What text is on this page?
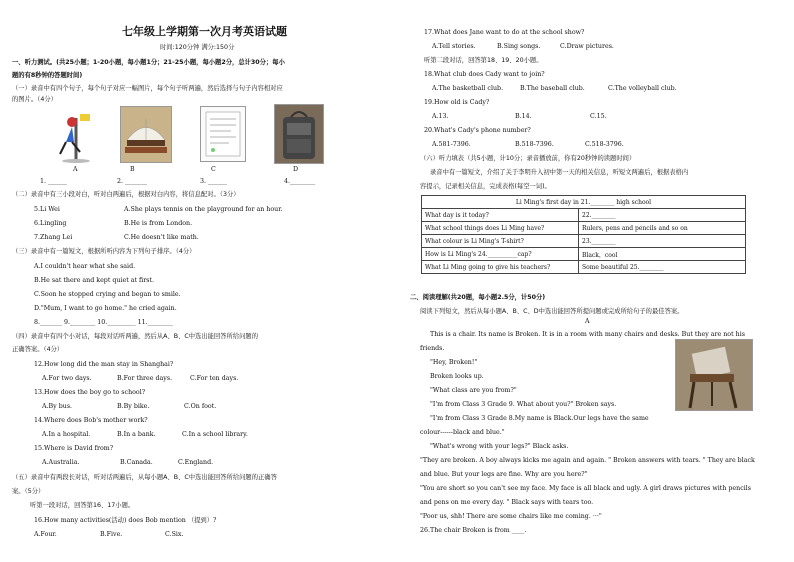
七年级上学期第一次月考英语试题
时间:120分钟 满分:150分
一、听力测试。(共25小题；1-20小题，每小题1分；21-25小题，每小题2分，总计30分；每小
题的有8秒钟的答题时间)
（一）录音中有四个句子，每个句子对应一幅图片，每个句子听两遍，然后选择与句子内容相对应
的图片。（4分）
A	B	C	D
1. ______	2. _______	3. ______	4.________
（二）录音中有三小段对白，听对白两遍后，根据对白内容，将信息配对。（3分）
5.Li Wei	A.She plays tennis on the playground for an hour.
6.Lingling	B.He is from London.
7.Zhang Lei	C.He doesn't like math.
（三）录音中有一篇短文，根据所听内容为下列句子排序。（4分）
A.I couldn't hear what she said.
B.He sat there and kept quiet at first.
C.Soon he stopped crying and began to smile.
D."Mum, I want to go home." he cried again.
8._______ 9.________ 10._________ 11.________
（四）录音中有四个小对话，每段对话听两遍，然后从A、B、C中选出能回答所给问题的
正确答案。（4分）
12.How long did the man stay in Shanghai?
A.For two days.	B.For three days.	C.For ten days.
13.How does the boy go to school?
A.By bus.	B.By bike.	C.On foot.
14.Where does Bob's mother work?
A.In a hospital.	B.In a bank.	C.In a school library.
15.Where is David from?
A.Australia.	B.Canada.	C.England.
（五）录音中有两段长对话，听对话两遍后，从每小题A、B、C中选出能回答所给问题的正确答
案。（5分）
听第一段对话，回答第16、17小题。
16.How many activities(活动) does Bob mention （提到）?
A.Four.	B.Five.	C.Six.
17.What does Jane want to do at the school show?
A.Tell stories.	B.Sing songs.	C.Draw pictures.
听第二段对话，回答第18、19、20小题。
18.What club does Cady want to join?
A.The basketball club.	B.The baseball club.	C.The volleyball club.
19.How old is Cady?
A.13.	B.14.	C.15.
20.What's Cady's phone number?
A.581-7396.	B.518-7396.	C.518-3796.
（六）听力填表（共5小题，计10分；录音播放前，你有20秒钟的读题时间）
录音中有一篇短文，介绍了关于李明升入初中第一天的相关信息，听短文两遍后，根据表格内
容提示，记录相关信息，完成表格(每空一词)。
Li Ming's first day in 21.________ high school	
What day is it today?	22.________
What school things does Li Ming have?	Rulers, pens and pencils and so on
What colour is Li Ming's T-shirt?	23.________
How is Li Ming's 24.__________cap?	Black，cool
What Li Ming going to give his teachers?	Some beautiful 25.________
二、阅读理解(共20题，每小题2.5分，计50分)
阅读下列短文，然后从每小题A、B、C、D中选出能回答所提问题或完成所给句子的最佳答案。
A
This is a chair. Its name is Broken. It is in a room with many chairs and desks. But they are not his
friends.
"Hey, Broken!"
Broken looks up.
"What class are you from?"
"I'm from Class 3 Grade 9. What about you?" Broken says.
"I'm from Class 3 Grade 8.My name is Black.Our legs have the same
colour------black and blue."
"What's wrong with your legs?" Black asks.
"They are broken. A boy always kicks me again and again. " Broken answers with tears. " They are black
and blue. But your legs are fine. Why are you here?"
"You are short so you can't see my face. My face is all black and ugly. A girl draws pictures with pencils
and pens on me every day. " Black says with tears too.
"Poor us, shh! There are some chairs like me coming. ···"
26.The chair Broken is from ____.
